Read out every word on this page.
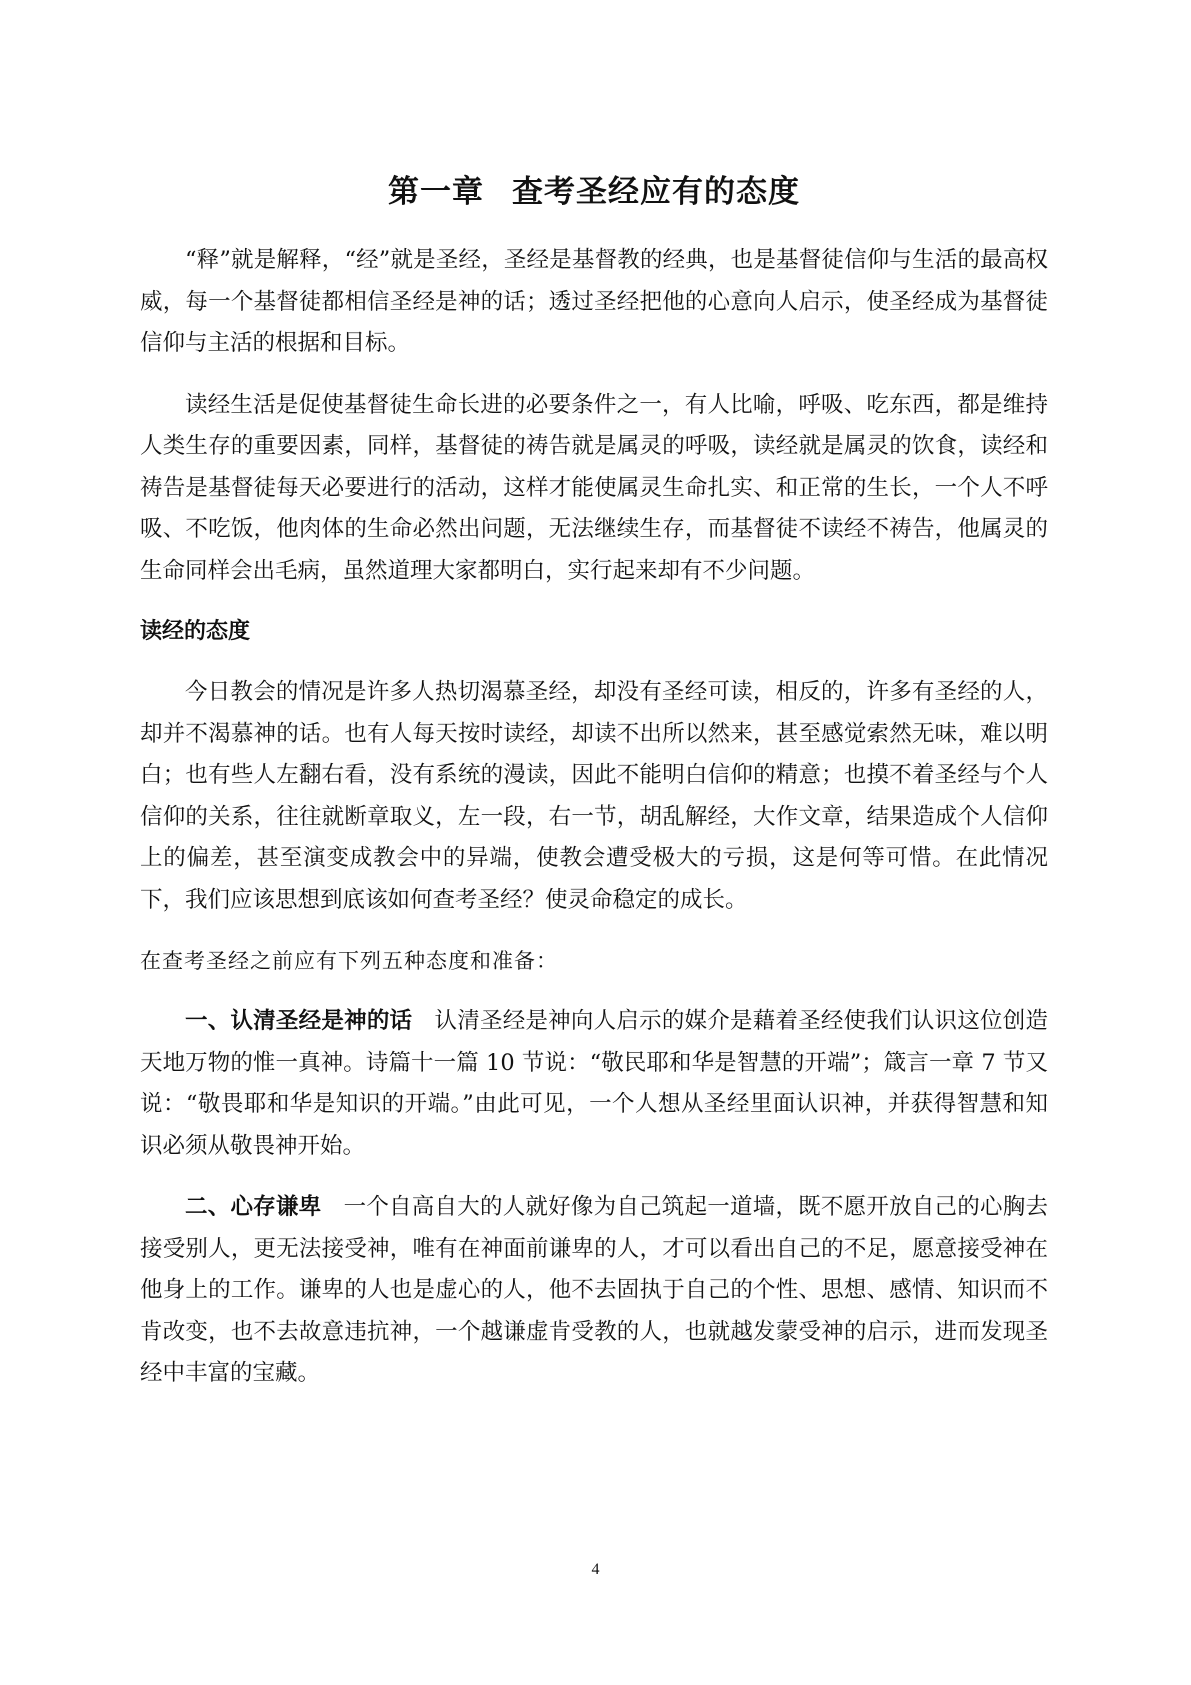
第一章 查考圣经应有的态度

“释”就是解释，“经”就是圣经，圣经是基督教的经典，也是基督徒信仰与生活的最高权威，每一个基督徒都相信圣经是神的话；透过圣经把他的心意向人启示，使圣经成为基督徒信仰与主活的根据和目标。

读经生活是促使基督徒生命长进的必要条件之一，有人比喻，呼吸、吃东西，都是维持人类生存的重要因素，同样，基督徒的祷告就是属灵的呼吸，读经就是属灵的饮食，读经和祷告是基督徒每天必要进行的活动，这样才能使属灵生命扎实、和正常的生长，一个人不呼吸、不吃饭，他肉体的生命必然出问题，无法继续生存，而基督徒不读经不祷告，他属灵的生命同样会出毛病，虽然道理大家都明白，实行起来却有不少问题。

读经的态度

今日教会的情况是许多人热切渴慕圣经，却没有圣经可读，相反的，许多有圣经的人，却并不渴慕神的话。也有人每天按时读经，却读不出所以然来，甚至感觉索然无味，难以明白；也有些人左翻右看，没有系统的漫读，因此不能明白信仰的精意；也摸不着圣经与个人信仰的关系，往往就断章取义，左一段，右一节，胡乱解经，大作文章，结果造成个人信仰上的偏差，甚至演变成教会中的异端，使教会遭受极大的亏损，这是何等可惜。在此情况下，我们应该思想到底该如何查考圣经？使灵命稳定的成长。

在查考圣经之前应有下列五种态度和准备：

一、认清圣经是神的话 认清圣经是神向人启示的媒介是藉着圣经使我们认识这位创造天地万物的惟一真神。诗篇十一篇 10 节说：“敬民耶和华是智慧的开端”；箴言一章 7 节又说：“敬畏耶和华是知识的开端。”由此可见，一个人想从圣经里面认识神，并获得智慧和知识必须从敬畏神开始。

二、心存谦卑 一个自高自大的人就好像为自己筑起一道墙，既不愿开放自己的心胸去接受别人，更无法接受神，唯有在神面前谦卑的人，才可以看出自己的不足，愿意接受神在他身上的工作。谦卑的人也是虚心的人，他不去固执于自己的个性、思想、感情、知识而不肯改变，也不去故意违抗神，一个越谦虚肯受教的人，也就越发蒙受神的启示，进而发现圣经中丰富的宝藏。

4
